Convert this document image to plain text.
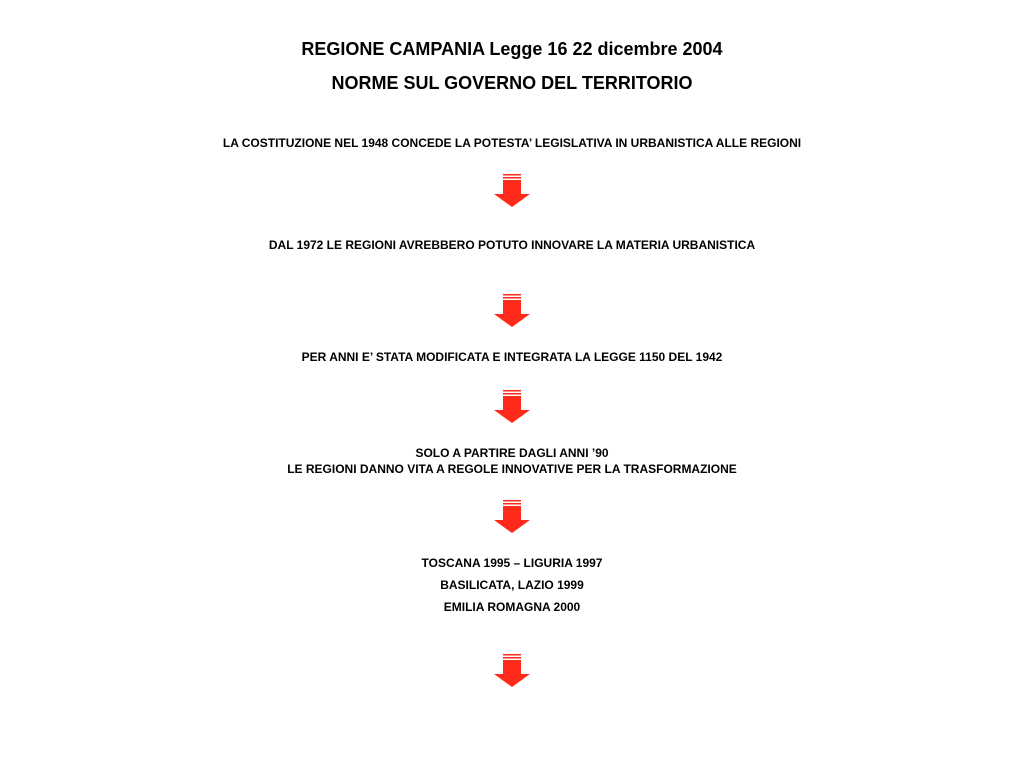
REGIONE CAMPANIA Legge 16 22 dicembre 2004
NORME SUL GOVERNO DEL TERRITORIO
LA COSTITUZIONE NEL 1948 CONCEDE LA POTESTA’ LEGISLATIVA IN URBANISTICA ALLE REGIONI
DAL 1972 LE REGIONI AVREBBERO POTUTO INNOVARE LA MATERIA URBANISTICA
PER ANNI E’ STATA MODIFICATA E INTEGRATA LA LEGGE 1150 DEL 1942
SOLO A PARTIRE DAGLI ANNI ’90
LE REGIONI DANNO VITA A REGOLE INNOVATIVE PER LA TRASFORMAZIONE
TOSCANA 1995 – LIGURIA 1997
BASILICATA, LAZIO 1999
EMILIA ROMAGNA 2000
